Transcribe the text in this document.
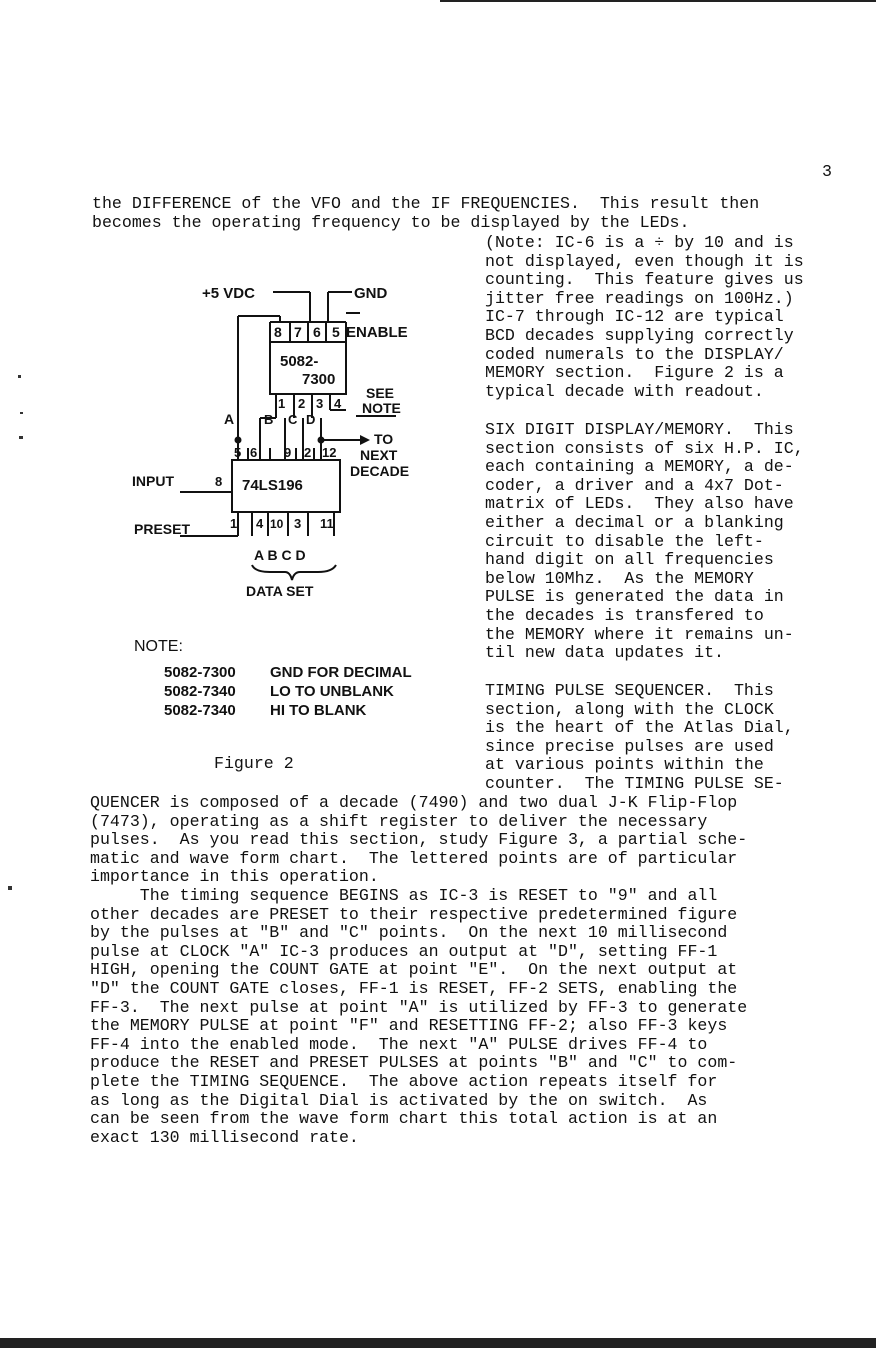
3
the DIFFERENCE of the VFO and the IF FREQUENCIES.  This result then
becomes the operating frequency to be displayed by the LEDs.
(Note: IC-6 is a ÷ by 10 and is
not displayed, even though it is
counting.  This feature gives us
jitter free readings on 100Hz.)
IC-7 through IC-12 are typical
BCD decades supplying correctly
coded numerals to the DISPLAY/
MEMORY section.  Figure 2 is a
typical decade with readout.
SIX DIGIT DISPLAY/MEMORY.  This
section consists of six H.P. IC,
each containing a MEMORY, a de-
coder, a driver and a 4x7 Dot-
matrix of LEDs.  They also have
either a decimal or a blanking
circuit to disable the left-
hand digit on all frequencies
below 10Mhz.  As the MEMORY
PULSE is generated the data in
the decades is transfered to
the MEMORY where it remains un-
til new data updates it.
TIMING PULSE SEQUENCER.  This
section, along with the CLOCK
is the heart of the Atlas Dial,
since precise pulses are used
at various points within the
counter.  The TIMING PULSE SE-
QUENCER is composed of a decade (7490) and two dual J-K Flip-Flop
(7473), operating as a shift register to deliver the necessary
pulses.  As you read this section, study Figure 3, a partial sche-
matic and wave form chart.  The lettered points are of particular
importance in this operation.
The timing sequence BEGINS as IC-3 is RESET to "9" and all
other decades are PRESET to their respective predetermined figure
by the pulses at "B" and "C" points.  On the next 10 millisecond
pulse at CLOCK "A" IC-3 produces an output at "D", setting FF-1
HIGH, opening the COUNT GATE at point "E".  On the next output at
"D" the COUNT GATE closes, FF-1 is RESET, FF-2 SETS, enabling the
FF-3.  The next pulse at point "A" is utilized by FF-3 to generate
the MEMORY PULSE at point "F" and RESETTING FF-2; also FF-3 keys
FF-4 into the enabled mode.  The next "A" PULSE drives FF-4 to
produce the RESET and PRESET PULSES at points "B" and "C" to com-
plete the TIMING SEQUENCE.  The above action repeats itself for
as long as the Digital Dial is activated by the on switch.  As
can be seen from the wave form chart this total action is at an
exact 130 millisecond rate.
+5 VDC	GND
8 7 6 5 ENABLE
5082-
7300
SEE
1 2 3 4 NOTE
A B C D
TO
5 6 9 2 12 NEXT
DECADE
INPUT	8 74LS196
PRESET	1 4 10 3 11
A B C D
DATA SET
NOTE:
5082-7300 GND FOR DECIMAL
5082-7340 LO TO UNBLANK
5082-7340 HI TO BLANK
Figure 2
